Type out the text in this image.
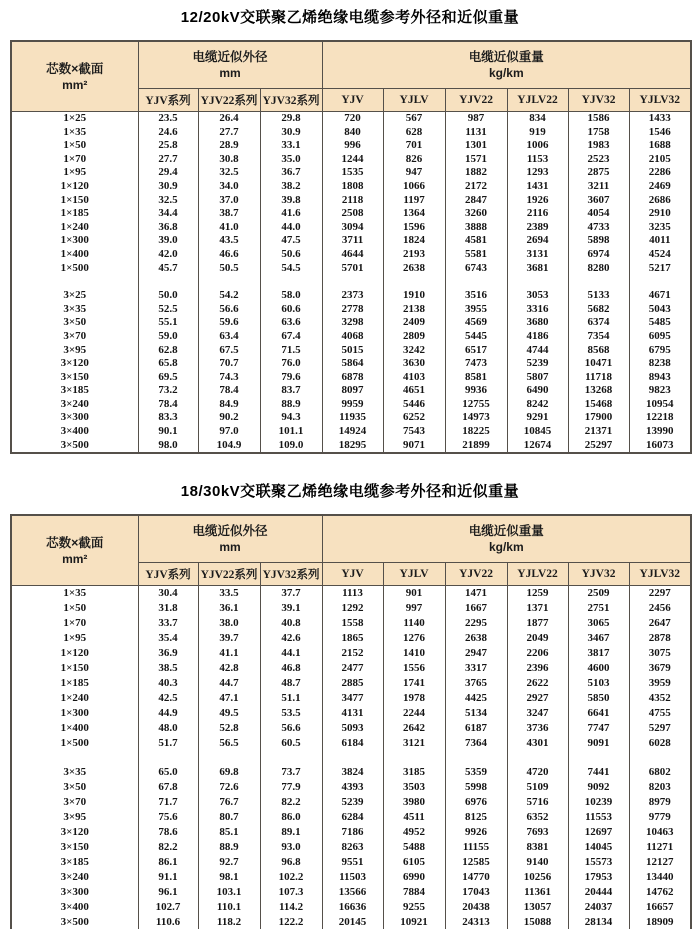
12/20kV交联聚乙烯绝缘电缆参考外径和近似重量
芯数×截面
mm²	电缆近似外径
mm			电缆近似重量
kg/km					
	YJV系列	YJV22系列	YJV32系列	YJV	YJLV	YJV22	YJLV22	YJV32	YJLV32
1×25	23.5	26.4	29.8	720	567	987	834	1586	1433
1×35	24.6	27.7	30.9	840	628	1131	919	1758	1546
1×50	25.8	28.9	33.1	996	701	1301	1006	1983	1688
1×70	27.7	30.8	35.0	1244	826	1571	1153	2523	2105
1×95	29.4	32.5	36.7	1535	947	1882	1293	2875	2286
1×120	30.9	34.0	38.2	1808	1066	2172	1431	3211	2469
1×150	32.5	37.0	39.8	2118	1197	2847	1926	3607	2686
1×185	34.4	38.7	41.6	2508	1364	3260	2116	4054	2910
1×240	36.8	41.0	44.0	3094	1596	3888	2389	4733	3235
1×300	39.0	43.5	47.5	3711	1824	4581	2694	5898	4011
1×400	42.0	46.6	50.6	4644	2193	5581	3131	6974	4524
1×500	45.7	50.5	54.5	5701	2638	6743	3681	8280	5217

3×25	50.0	54.2	58.0	2373	1910	3516	3053	5133	4671
3×35	52.5	56.6	60.6	2778	2138	3955	3316	5682	5043
3×50	55.1	59.6	63.6	3298	2409	4569	3680	6374	5485
3×70	59.0	63.4	67.4	4068	2809	5445	4186	7354	6095
3×95	62.8	67.5	71.5	5015	3242	6517	4744	8568	6795
3×120	65.8	70.7	76.0	5864	3630	7473	5239	10471	8238
3×150	69.5	74.3	79.6	6878	4103	8581	5807	11718	8943
3×185	73.2	78.4	83.7	8097	4651	9936	6490	13268	9823
3×240	78.4	84.9	88.9	9959	5446	12755	8242	15468	10954
3×300	83.3	90.2	94.3	11935	6252	14973	9291	17900	12218
3×400	90.1	97.0	101.1	14924	7543	18225	10845	21371	13990
3×500	98.0	104.9	109.0	18295	9071	21899	12674	25297	16073
18/30kV交联聚乙烯绝缘电缆参考外径和近似重量
芯数×截面
mm²	电缆近似外径
mm			电缆近似重量
kg/km					
	YJV系列	YJV22系列	YJV32系列	YJV	YJLV	YJV22	YJLV22	YJV32	YJLV32
1×35	30.4	33.5	37.7	1113	901	1471	1259	2509	2297
1×50	31.8	36.1	39.1	1292	997	1667	1371	2751	2456
1×70	33.7	38.0	40.8	1558	1140	2295	1877	3065	2647
1×95	35.4	39.7	42.6	1865	1276	2638	2049	3467	2878
1×120	36.9	41.1	44.1	2152	1410	2947	2206	3817	3075
1×150	38.5	42.8	46.8	2477	1556	3317	2396	4600	3679
1×185	40.3	44.7	48.7	2885	1741	3765	2622	5103	3959
1×240	42.5	47.1	51.1	3477	1978	4425	2927	5850	4352
1×300	44.9	49.5	53.5	4131	2244	5134	3247	6641	4755
1×400	48.0	52.8	56.6	5093	2642	6187	3736	7747	5297
1×500	51.7	56.5	60.5	6184	3121	7364	4301	9091	6028

3×35	65.0	69.8	73.7	3824	3185	5359	4720	7441	6802
3×50	67.8	72.6	77.9	4393	3503	5998	5109	9092	8203
3×70	71.7	76.7	82.2	5239	3980	6976	5716	10239	8979
3×95	75.6	80.7	86.0	6284	4511	8125	6352	11553	9779
3×120	78.6	85.1	89.1	7186	4952	9926	7693	12697	10463
3×150	82.2	88.9	93.0	8263	5488	11155	8381	14045	11271
3×185	86.1	92.7	96.8	9551	6105	12585	9140	15573	12127
3×240	91.1	98.1	102.2	11503	6990	14770	10256	17953	13440
3×300	96.1	103.1	107.3	13566	7884	17043	11361	20444	14762
3×400	102.7	110.1	114.2	16636	9255	20438	13057	24037	16657
3×500	110.6	118.2	122.2	20145	10921	24313	15088	28134	18909
